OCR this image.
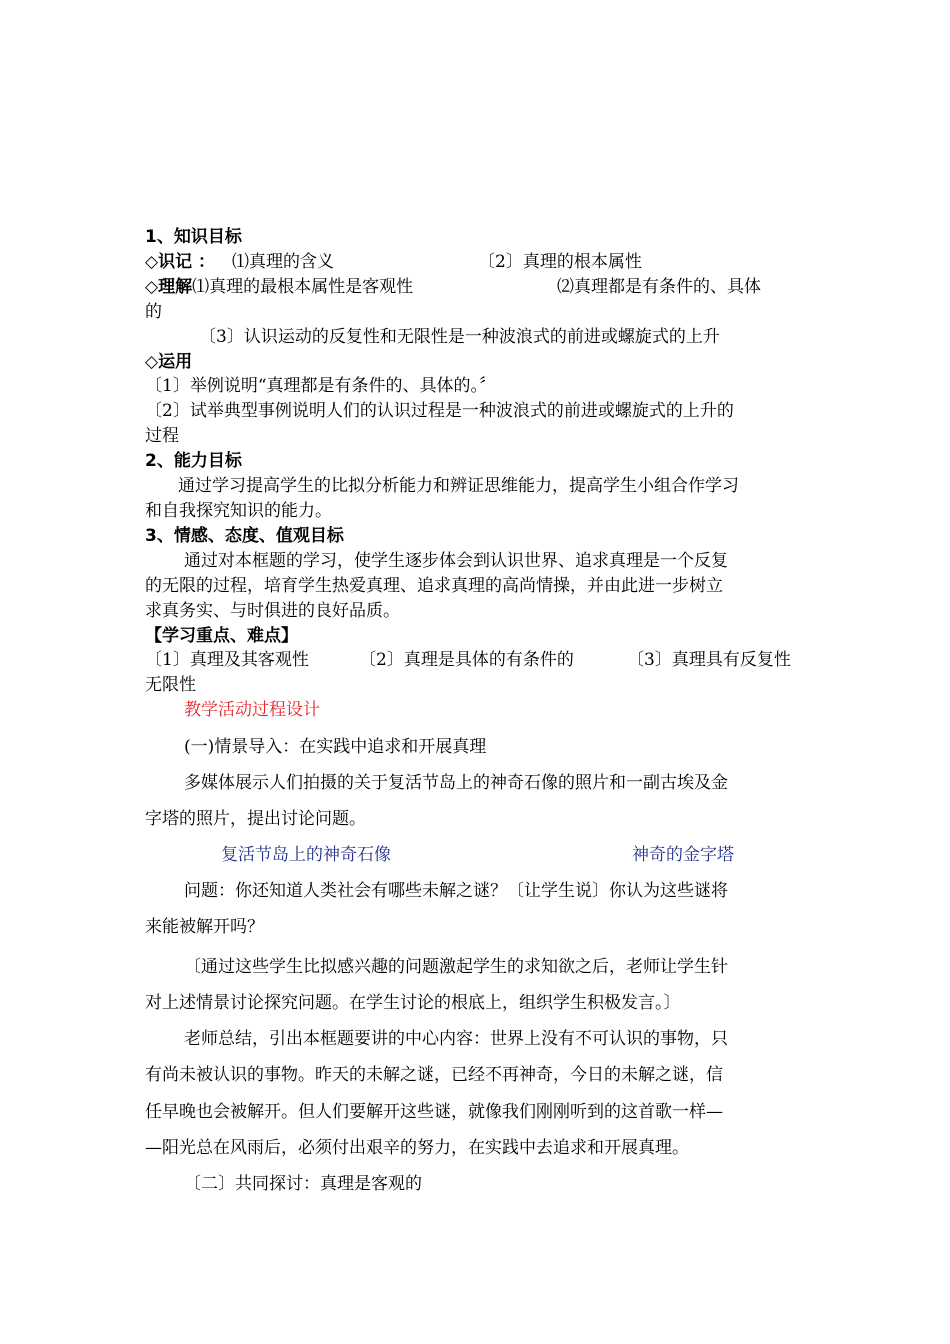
1、知识目标
◇识记 ： ⑴真理的含义	〔2〕真理的根本属性
◇理解⑴真理的最根本属性是客观性	⑵真理都是有条件的、具体
的
〔3〕认识运动的反复性和无限性是一种波浪式的前进或螺旋式的上升
◇运用
〔1〕举例说明“真理都是有条件的、具体的。〞
〔2〕试举典型事例说明人们的认识过程是一种波浪式的前进或螺旋式的上升的
过程
2、能力目标
通过学习提高学生的比拟分析能力和辨证思维能力，提高学生小组合作学习
和自我探究知识的能力。
3、情感、态度、值观目标
通过对本框题的学习，使学生逐步体会到认识世界、追求真理是一个反复
的无限的过程，培育学生热爱真理、追求真理的高尚情操，并由此进一步树立
求真务实、与时俱进的良好品质。
【学习重点、难点】
〔1〕真理及其客观性	〔2〕真理是具体的有条件的	〔3〕真理具有反复性
无限性
教学活动过程设计
(一)情景导入：在实践中追求和开展真理
多媒体展示人们拍摄的关于复活节岛上的神奇石像的照片和一副古埃及金
字塔的照片，提出讨论问题。
复活节岛上的神奇石像	神奇的金字塔
问题：你还知道人类社会有哪些未解之谜？〔让学生说〕你认为这些谜将
来能被解开吗？
〔通过这些学生比拟感兴趣的问题激起学生的求知欲之后，老师让学生针
对上述情景讨论探究问题。在学生讨论的根底上，组织学生积极发言。〕
老师总结，引出本框题要讲的中心内容：世界上没有不可认识的事物，只
有尚未被认识的事物。昨天的未解之谜，已经不再神奇，今日的未解之谜，信
任早晚也会被解开。但人们要解开这些谜，就像我们刚刚听到的这首歌一样—
—阳光总在风雨后，必须付出艰辛的努力，在实践中去追求和开展真理。
〔二〕共同探讨：真理是客观的
